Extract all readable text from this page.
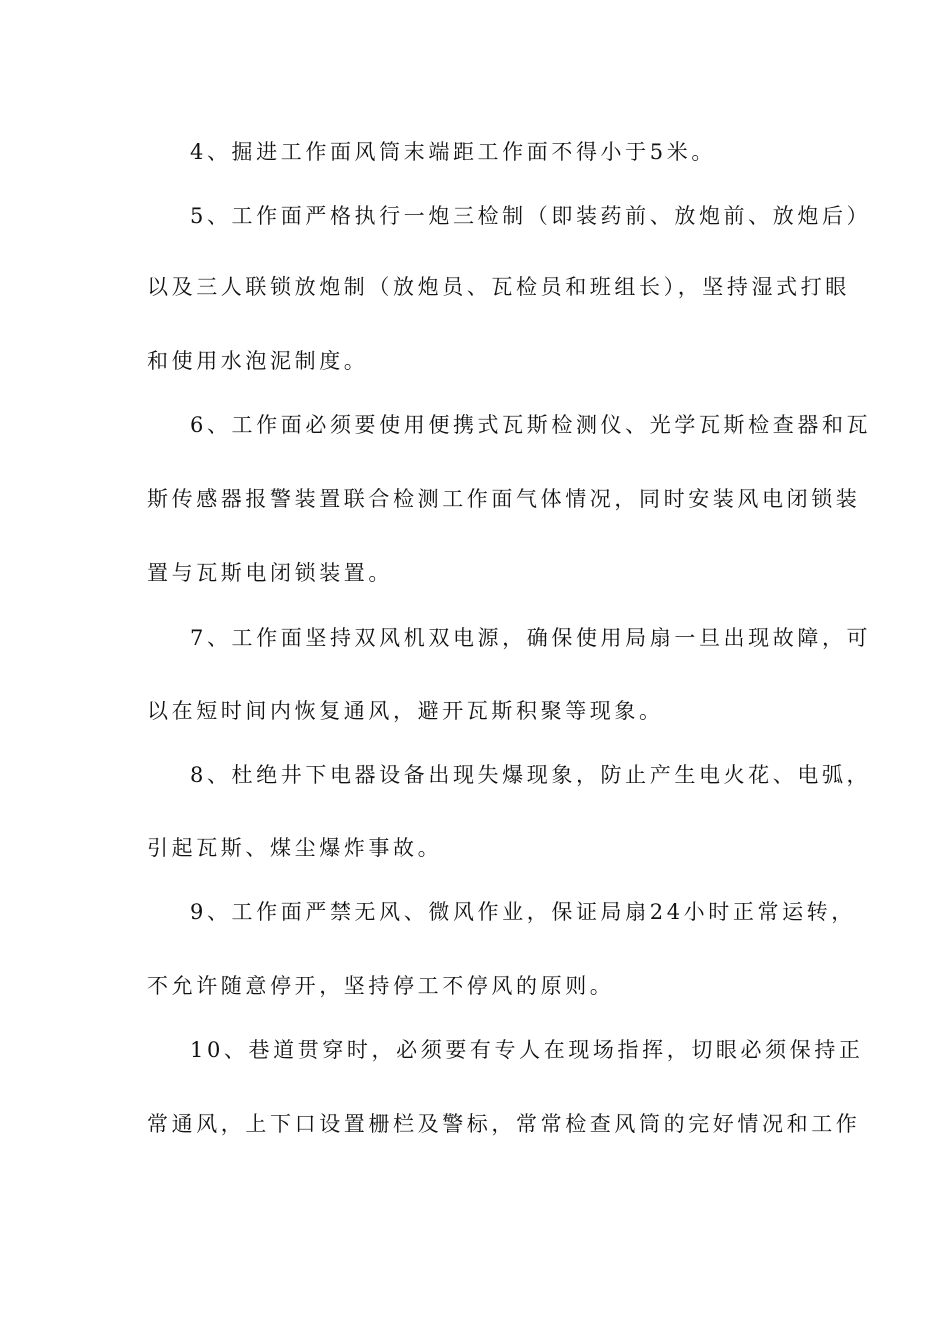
4、掘进工作面风筒末端距工作面不得小于5米。
5、工作面严格执行一炮三检制（即装药前、放炮前、放炮后）
以及三人联锁放炮制（放炮员、瓦检员和班组长），坚持湿式打眼
和使用水泡泥制度。
6、工作面必须要使用便携式瓦斯检测仪、光学瓦斯检查器和瓦
斯传感器报警装置联合检测工作面气体情况，同时安装风电闭锁装
置与瓦斯电闭锁装置。
7、工作面坚持双风机双电源，确保使用局扇一旦出现故障，可
以在短时间内恢复通风，避开瓦斯积聚等现象。
8、杜绝井下电器设备出现失爆现象，防止产生电火花、电弧，
引起瓦斯、煤尘爆炸事故。
9、工作面严禁无风、微风作业，保证局扇24小时正常运转，
不允许随意停开，坚持停工不停风的原则。
10、巷道贯穿时，必须要有专人在现场指挥，切眼必须保持正
常通风，上下口设置栅栏及警标，常常检查风筒的完好情况和工作
